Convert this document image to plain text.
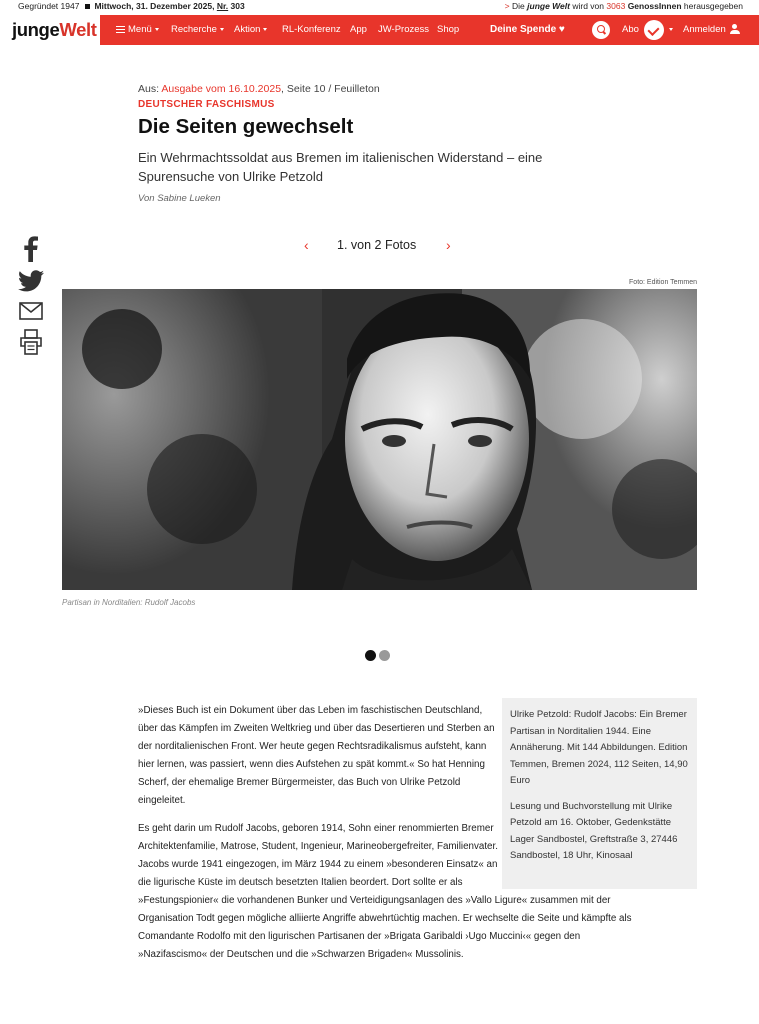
Gegründet 1947 Mittwoch, 31. Dezember 2025, Nr. 303	> Die junge Welt wird von 3063 GenossInnen herausgegeben
jungeWelt	Menü	Recherche	Aktion	RL-Konferenz App JW-Prozess Shop	Deine Spende ♥	Abo	Anmelden
Aus: Ausgabe vom 16.10.2025, Seite 10 / Feuilleton
DEUTSCHER FASCHISMUS
Die Seiten gewechselt
Ein Wehrmachtssoldat aus Bremen im italienischen Widerstand – eine Spurensuche von Ulrike Petzold
Von Sabine Lueken
‹ 1. von 2 Fotos ›
Foto: Edition Temmen
Partisan in Norditalien: Rudolf Jacobs

»Dieses Buch ist ein Dokument über das Leben im faschistischen Deutschland, über das Kämpfen im Zweiten Weltkrieg und über das Desertieren und Sterben an der norditalienischen Front. Wer heute gegen Rechtsradikalismus aufsteht, kann hier lernen, was passiert, wenn dies Aufstehen zu spät kommt.« So hat Henning Scherf, der ehemalige Bremer Bürgermeister, das Buch von Ulrike Petzold eingeleitet.

Es geht darin um Rudolf Jacobs, geboren 1914, Sohn einer renommierten Bremer Architektenfamilie, Matrose, Student, Ingenieur, Marineobergefreiter, Familienvater. Jacobs wurde 1941 eingezogen, im März 1944 zu einem »besonderen Einsatz« an die ligurische Küste im deutsch besetzten Italien beordert. Dort sollte er als »Festungspionier« die vorhandenen Bunker und Verteidigungsanlagen des »Vallo Ligure« zusammen mit der Organisation Todt gegen mögliche alliierte Angriffe abwehrtüchtig machen. Er wechselte die Seite und kämpfte als Comandante Rodolfo mit den ligurischen Partisanen der »Brigata Garibaldi ›Ugo Muccini‹« gegen den »Nazifascismo« der Deutschen und die »Schwarzen Brigaden« Mussolinis.

Ulrike Petzold: Rudolf Jacobs: Ein Bremer Partisan in Norditalien 1944. Eine Annäherung. Mit 144 Abbildungen. Edition Temmen, Bremen 2024, 112 Seiten, 14,90 Euro

Lesung und Buchvorstellung mit Ulrike Petzold am 16. Oktober, Gedenkstätte Lager Sandbostel, Greftstraße 3, 27446 Sandbostel, 18 Uhr, Kinosaal
